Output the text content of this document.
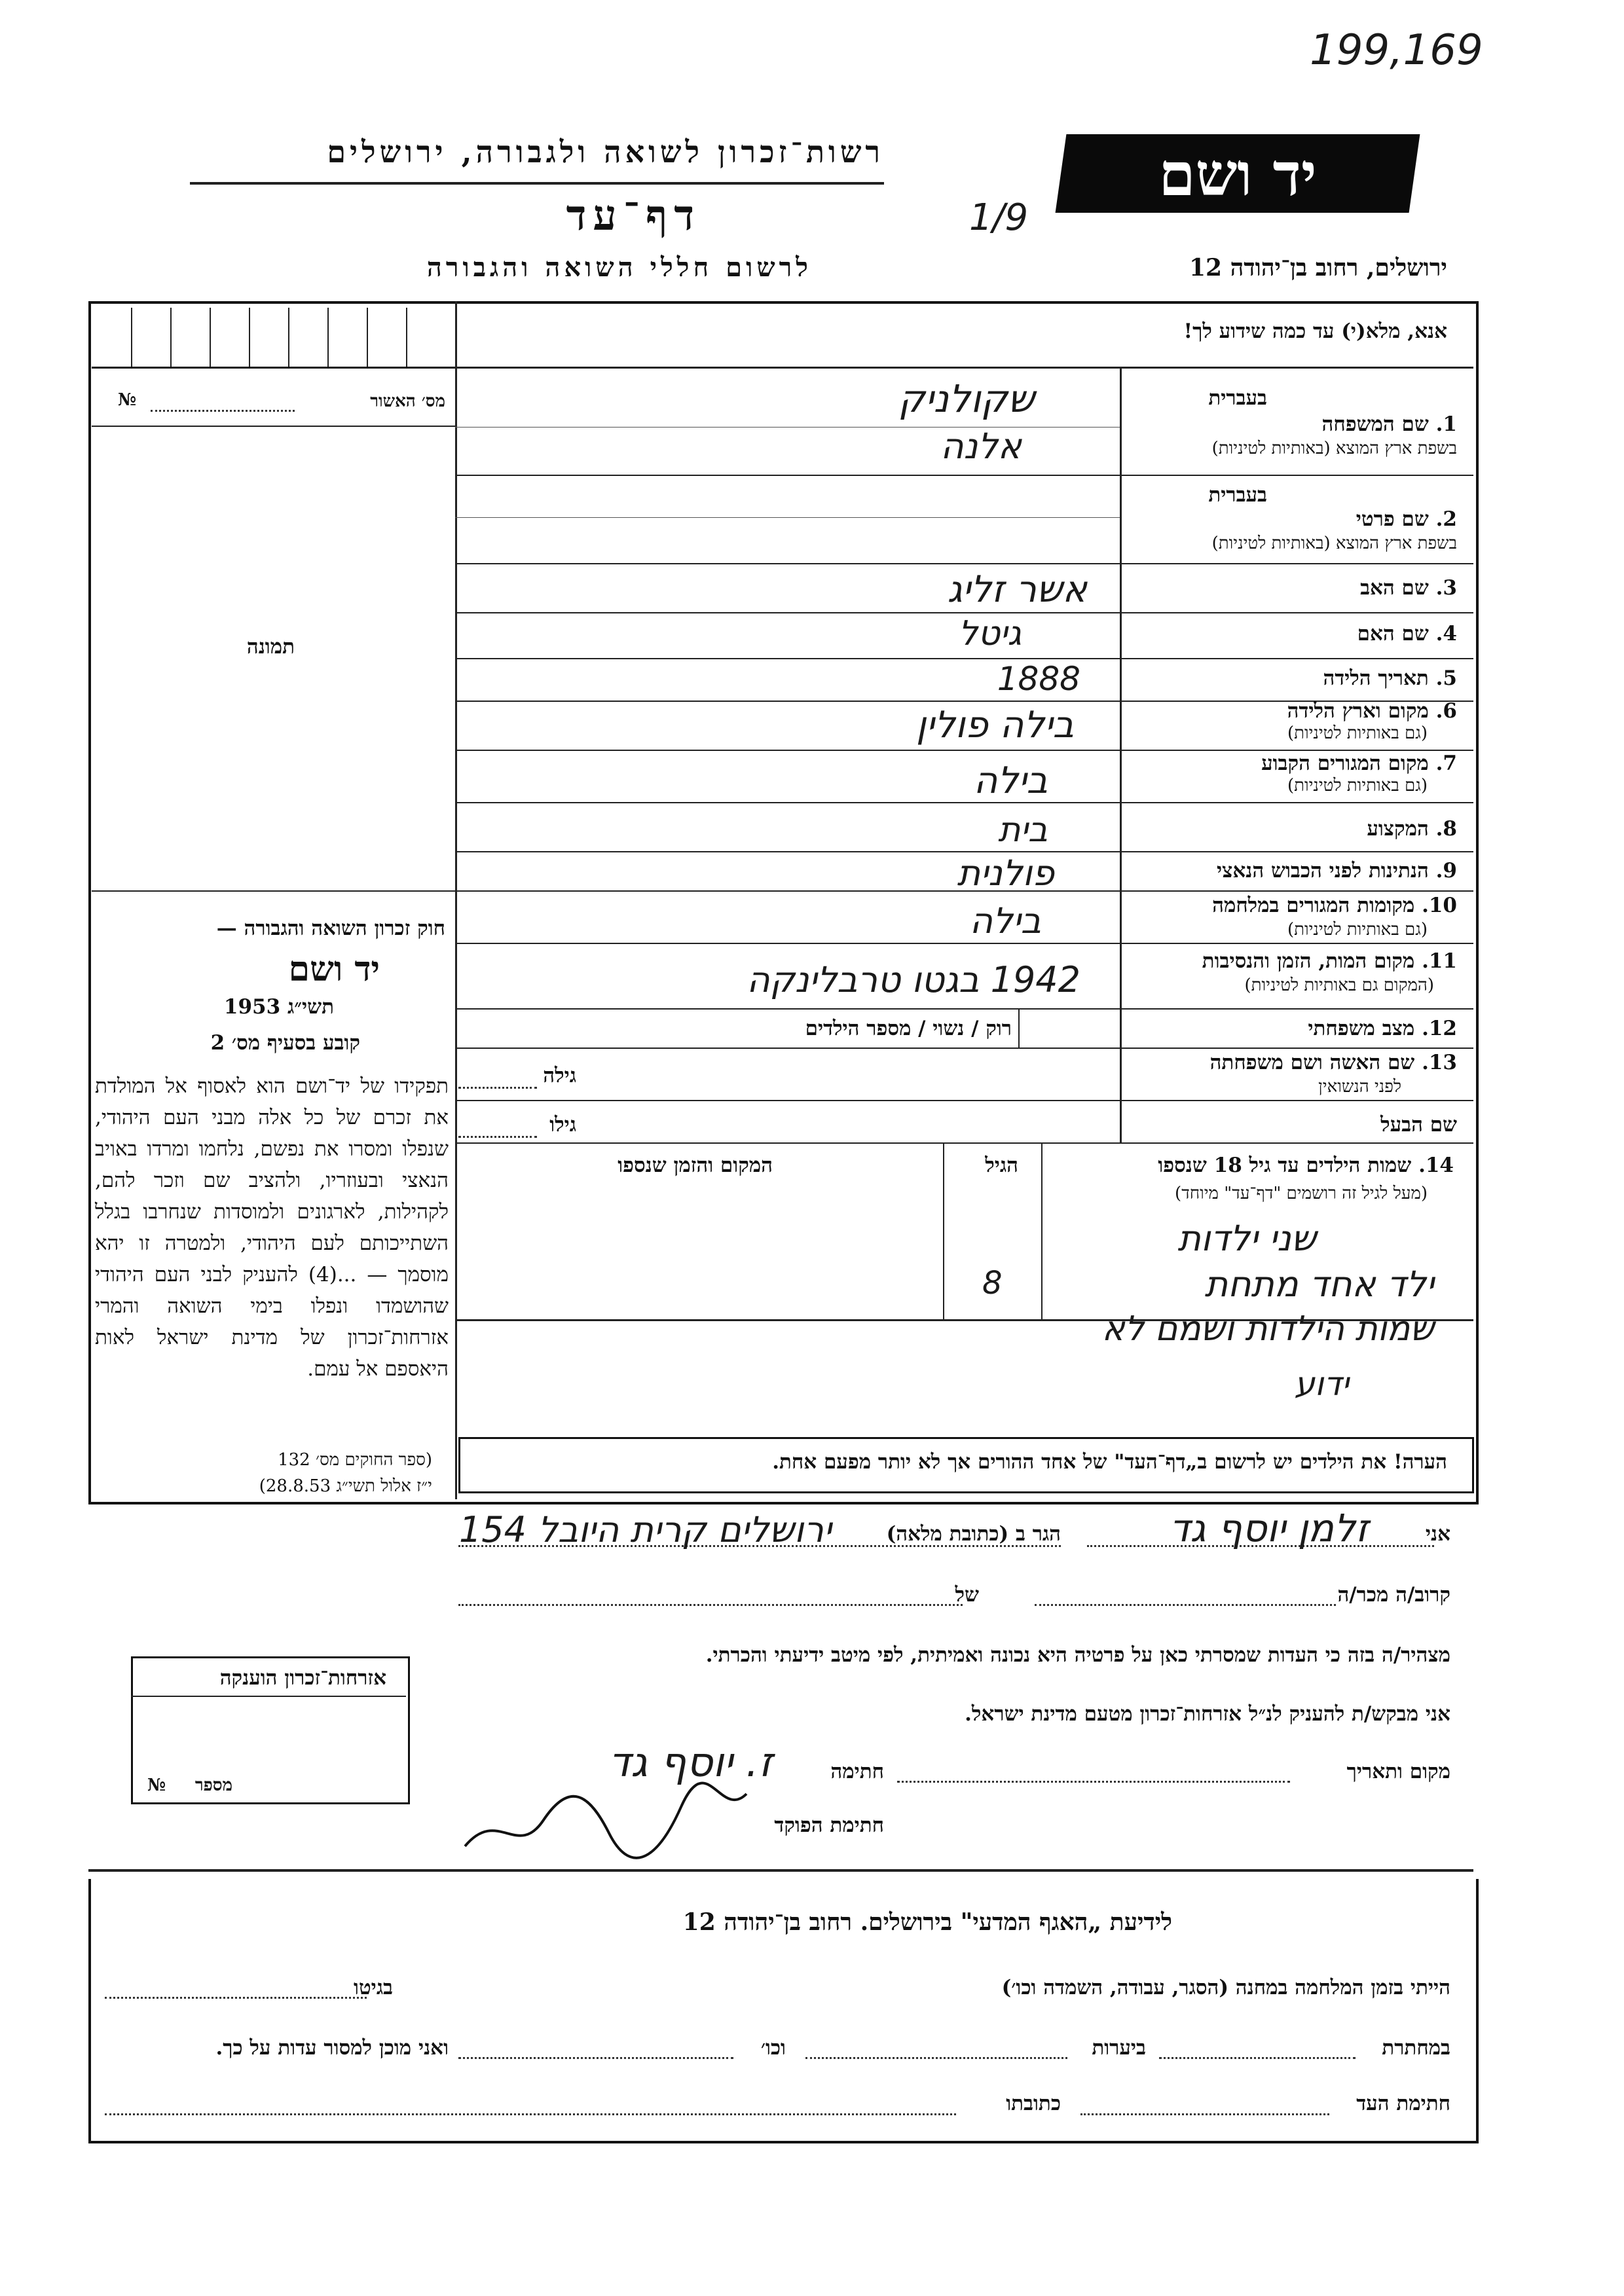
199,169
יד ושם
רשות־זכרון לשואה ולגבורה, ירושלים
דף־עד
לרשום חללי השואה והגבורה	ירושלים, רחוב בן־יהודה 12
1/9
אנא, מלא(י) עד כמה שידוע לך!
מס׳ האשור
№
תמונה
בעברית
1. שם המשפחה
בשפת ארץ המוצא (באותיות לטיניות)
שקולניק
אלנה
בעברית
2. שם פרטי
בשפת ארץ המוצא (באותיות לטיניות)
3. שם האב
אשר זליג
4. שם האם
גיטל
5. תאריך הלידה
1888
6. מקום וארץ הלידה
(גם באותיות לטיניות)
בילה פולין
7. מקום המגורים הקבוע
(גם באותיות לטיניות)
בילה
8. המקצוע
בית
9. הנתינות לפני הכבוש הנאצי
פולנית
10. מקומות המגורים במלחמה
(גם באותיות לטיניות)
בילה
11. מקום המות, הזמן והנסיבות
(המקום גם באותיות לטיניות)
1942 בגטו טרבלינקה
12. מצב משפחתי
רוק / נשוי / מספר הילדים
13. שם האשה ושם משפחתה
לפני הנשואין
גילה
שם הבעל
גילו
14. שמות הילדים עד גיל 18 שנספו
(מעל לגיל זה רושמים "דף־עד" מיוחד)
הגיל
המקום והזמן שנספו
שני ילדות
ילד אחד מתחת
8
שמות הילדות ושמם לא
ידוע
הערה! את הילדים יש לרשום ב„דף־העד" של אחד ההורים אך לא יותר מפעם אחת.
חוק זכרון השואה והגבורה —
יד ושם
תשי״ג 1953
קובע בסעיף מס׳ 2
תפקידו של יד־ושם הוא לאסוף אל המולדת את זכרם של כל אלה מבני העם היהודי, שנפלו ומסרו את נפשם, נלחמו ומרדו באויב הנאצי ובעוזריו, ולהציב שם וזכר להם, לקהילות, לארגונים ולמוסדות שנחרבו בגלל השתייכותם לעם היהודי, ולמטרה זו יהא מוסמך — ...(4) להעניק לבני העם היהודי שהושמדו ונפלו בימי השואה והמרי אזרחות־זכרון של מדינת ישראל לאות היאספם אל עמם.
(ספר החוקים מס׳ 132
י״ז אלול תשי״ג 28.8.53)
אני
זלמן יוסף גד
הגר ב (כתובת מלאה)
ירושלים קרית היובל 154
קרוב/ה מכר/ה
של
מצהיר/ה בזה כי העדות שמסרתי כאן על פרטיה היא נכונה ואמיתית, לפי מיטב ידיעתי והכרתי.
אני מבקש/ת להעניק לנ״ל אזרחות־זכרון מטעם מדינת ישראל.
מקום ותאריך
חתימה
ז. יוסף גד
חתימת הפוקד
אזרחות־זכרון הוענקה
מספר
№
לידיעת „האגף המדעי" בירושלים. רחוב בן־יהודה 12
הייתי בזמן המלחמה במחנה (הסגר, עבודה, השמדה וכו׳)
בגיטו
במחתרת
ביערות
וכו׳
ואני מוכן למסור עדות על כך.
חתימת העד
כתובתו
